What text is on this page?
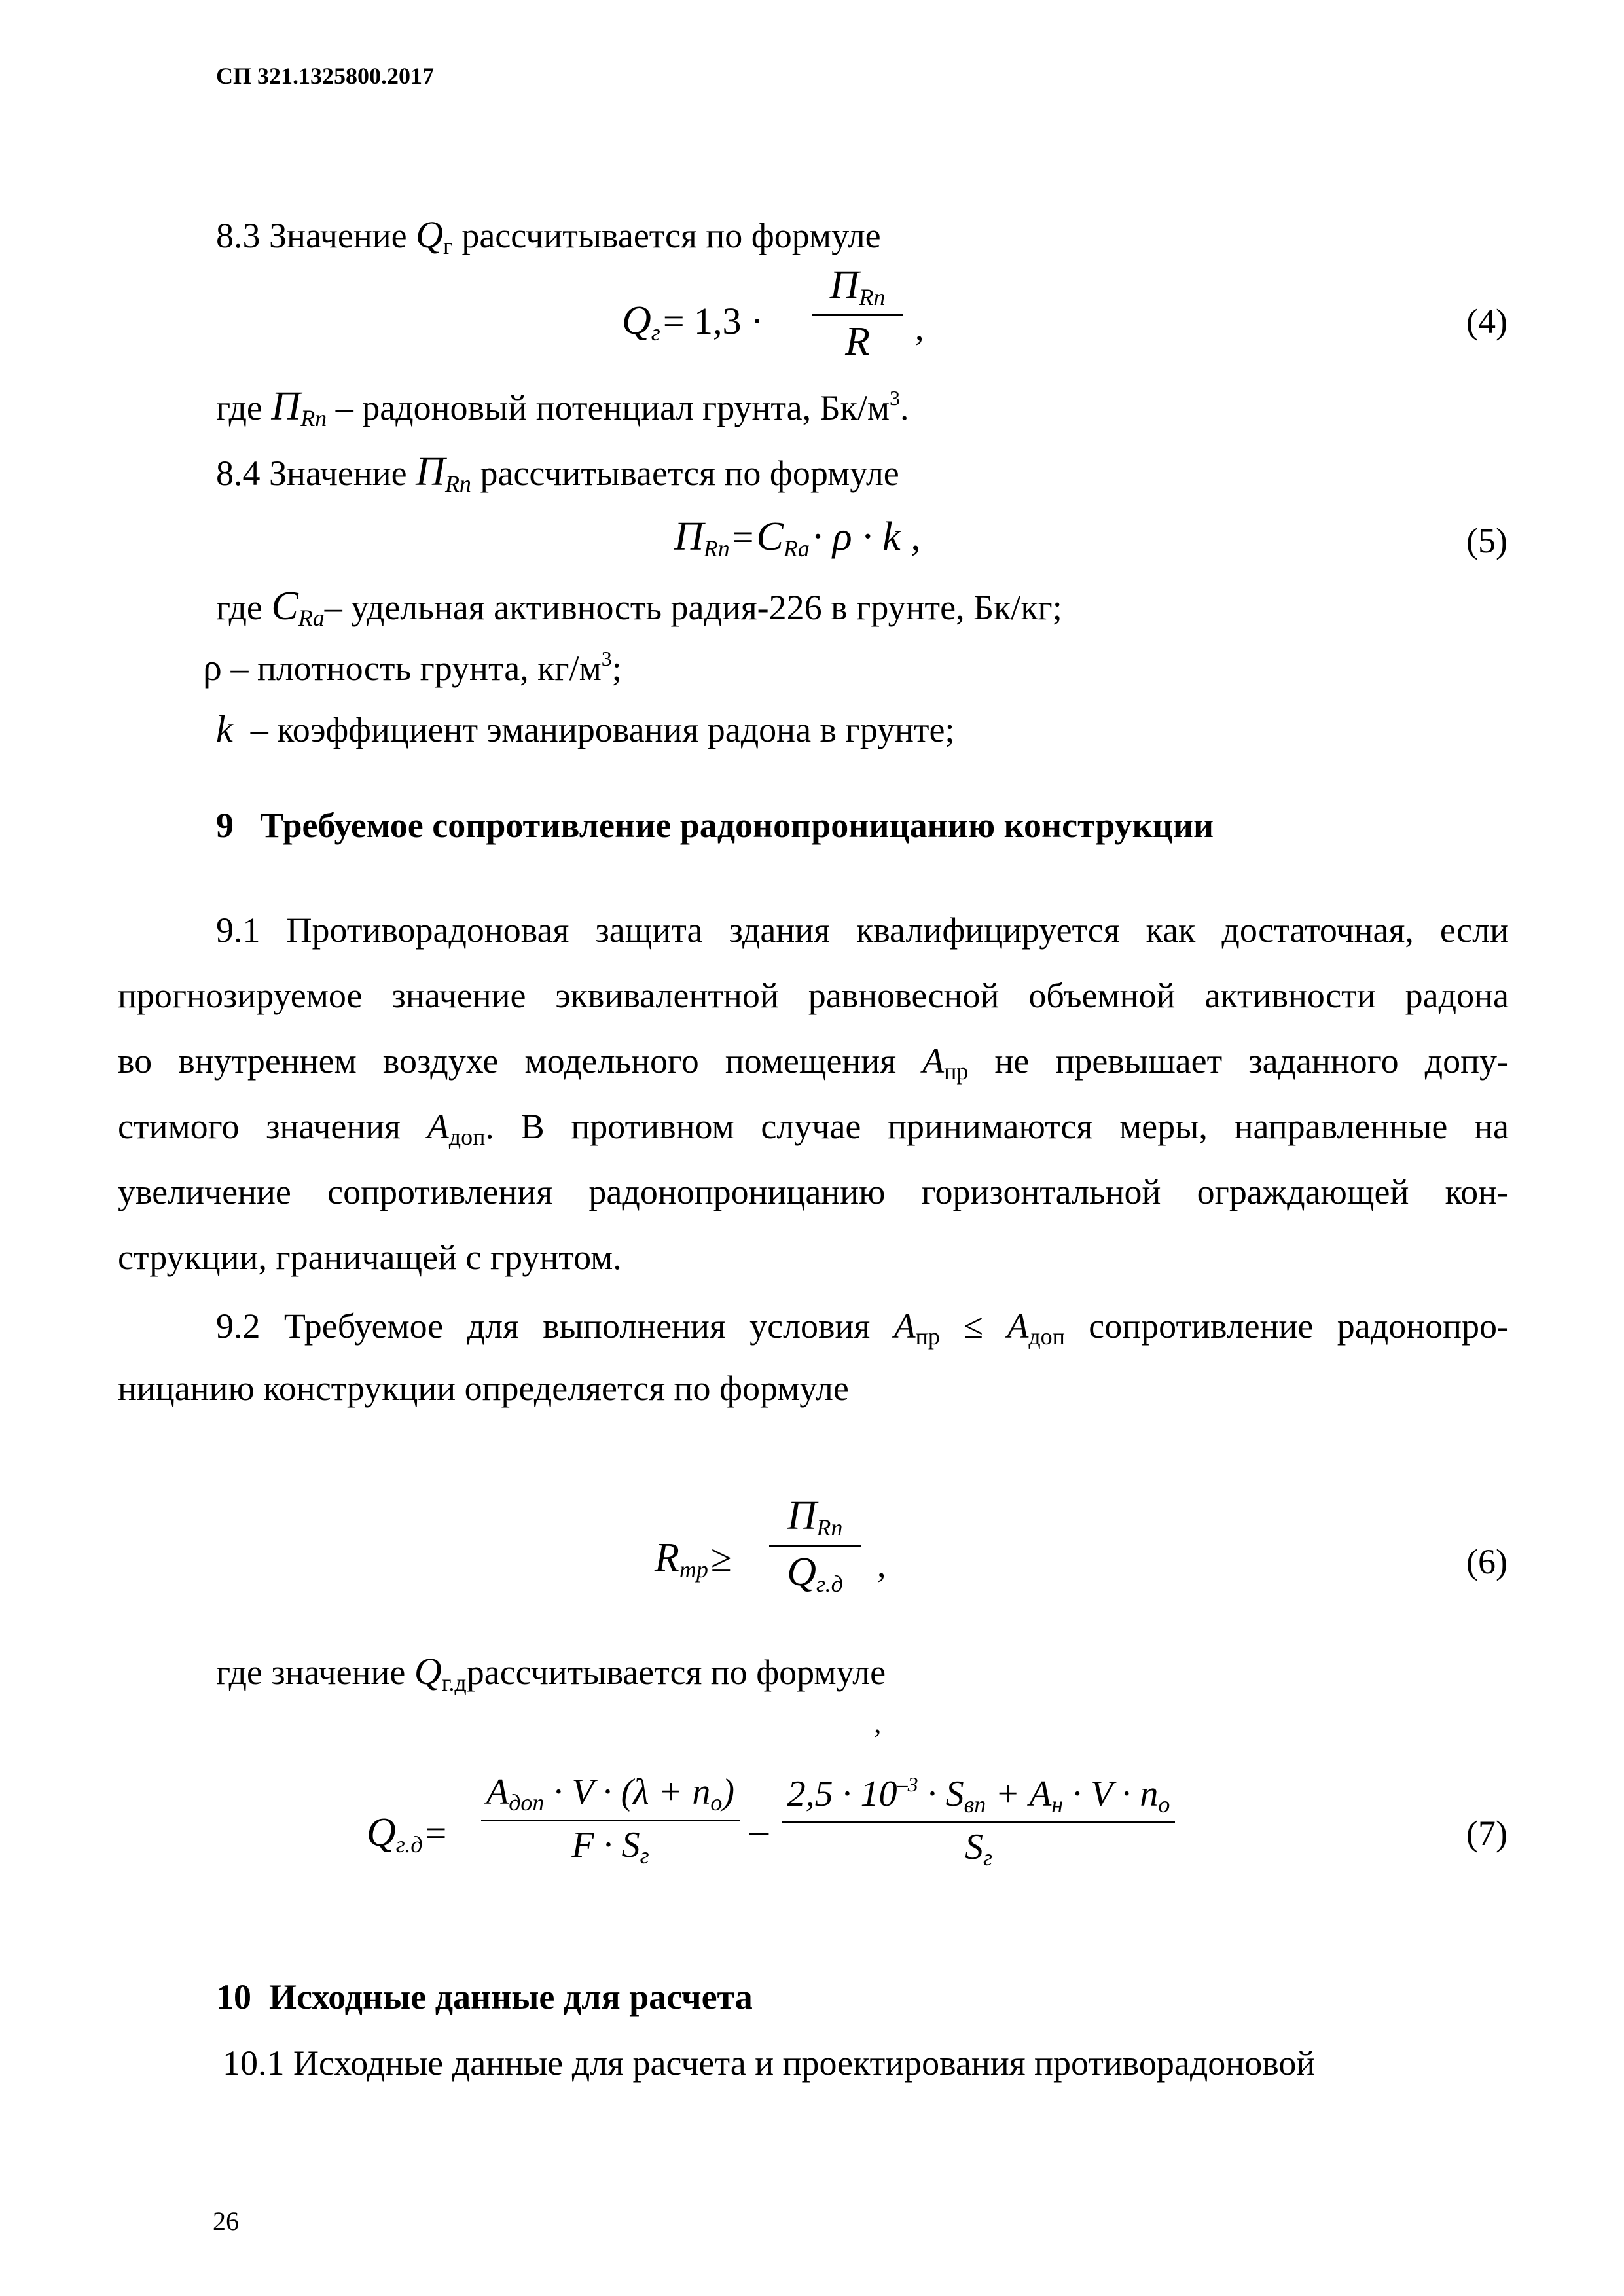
СП 321.1325800.2017
8.3 Значение $Q_г$ рассчитывается по формуле
Qг = 1,3 ·
$П_{Rn}$
R ,	(4)
где $П_{Rn}$ – радоновый потенциал грунта, $Бк/м^3$.
8.4 Значение $П_{Rn}$ рассчитывается по формуле
ПRn = CRa · ρ · k ,	(5)
где $C_{Ra}-$ удельная активность радия-226 в грунте, Бк/кг;
ρ – плотность грунта, $кг/м^3$;
k – коэффициент эманирования радона в грунте;
9 Требуемое сопротивление радонопроницанию конструкции
9.1 Противорадоновая защита здания квалифицируется как достаточная, если
прогнозируемое значение эквивалентной равновесной объемной активности радона
во внутреннем воздухе модельного помещения $A_{пр}$ не превышает заданного допу-
стимого значения $A_{доп}$. В противном случае принимаются меры, направленные на
увеличение сопротивления радонопроницанию горизонтальной ограждающей кон-
струкции, граничащей с грунтом.
9.2 Требуемое для выполнения условия $A_{пр} \le A_{доп}$ сопротивление радонопро-
ницанию конструкции определяется по формуле
Rтр ≥
$П_{Rn}$
$Q_{г.д}$ ,	(6)
где значение $Q_{г.д}рассчитывается$ по формуле
,
Qг.д =
$A_{доп} \cdot V \cdot (\lambda + n_o)$
$F \cdot S_г$
–
$2,5 \cdot 10^{-3} \cdot S_{вп} + A_н \cdot V \cdot n_o$
$S_г$
(7)
10 Исходные данные для расчета
10.1 Исходные данные для расчета и проектирования противорадоновой
26
